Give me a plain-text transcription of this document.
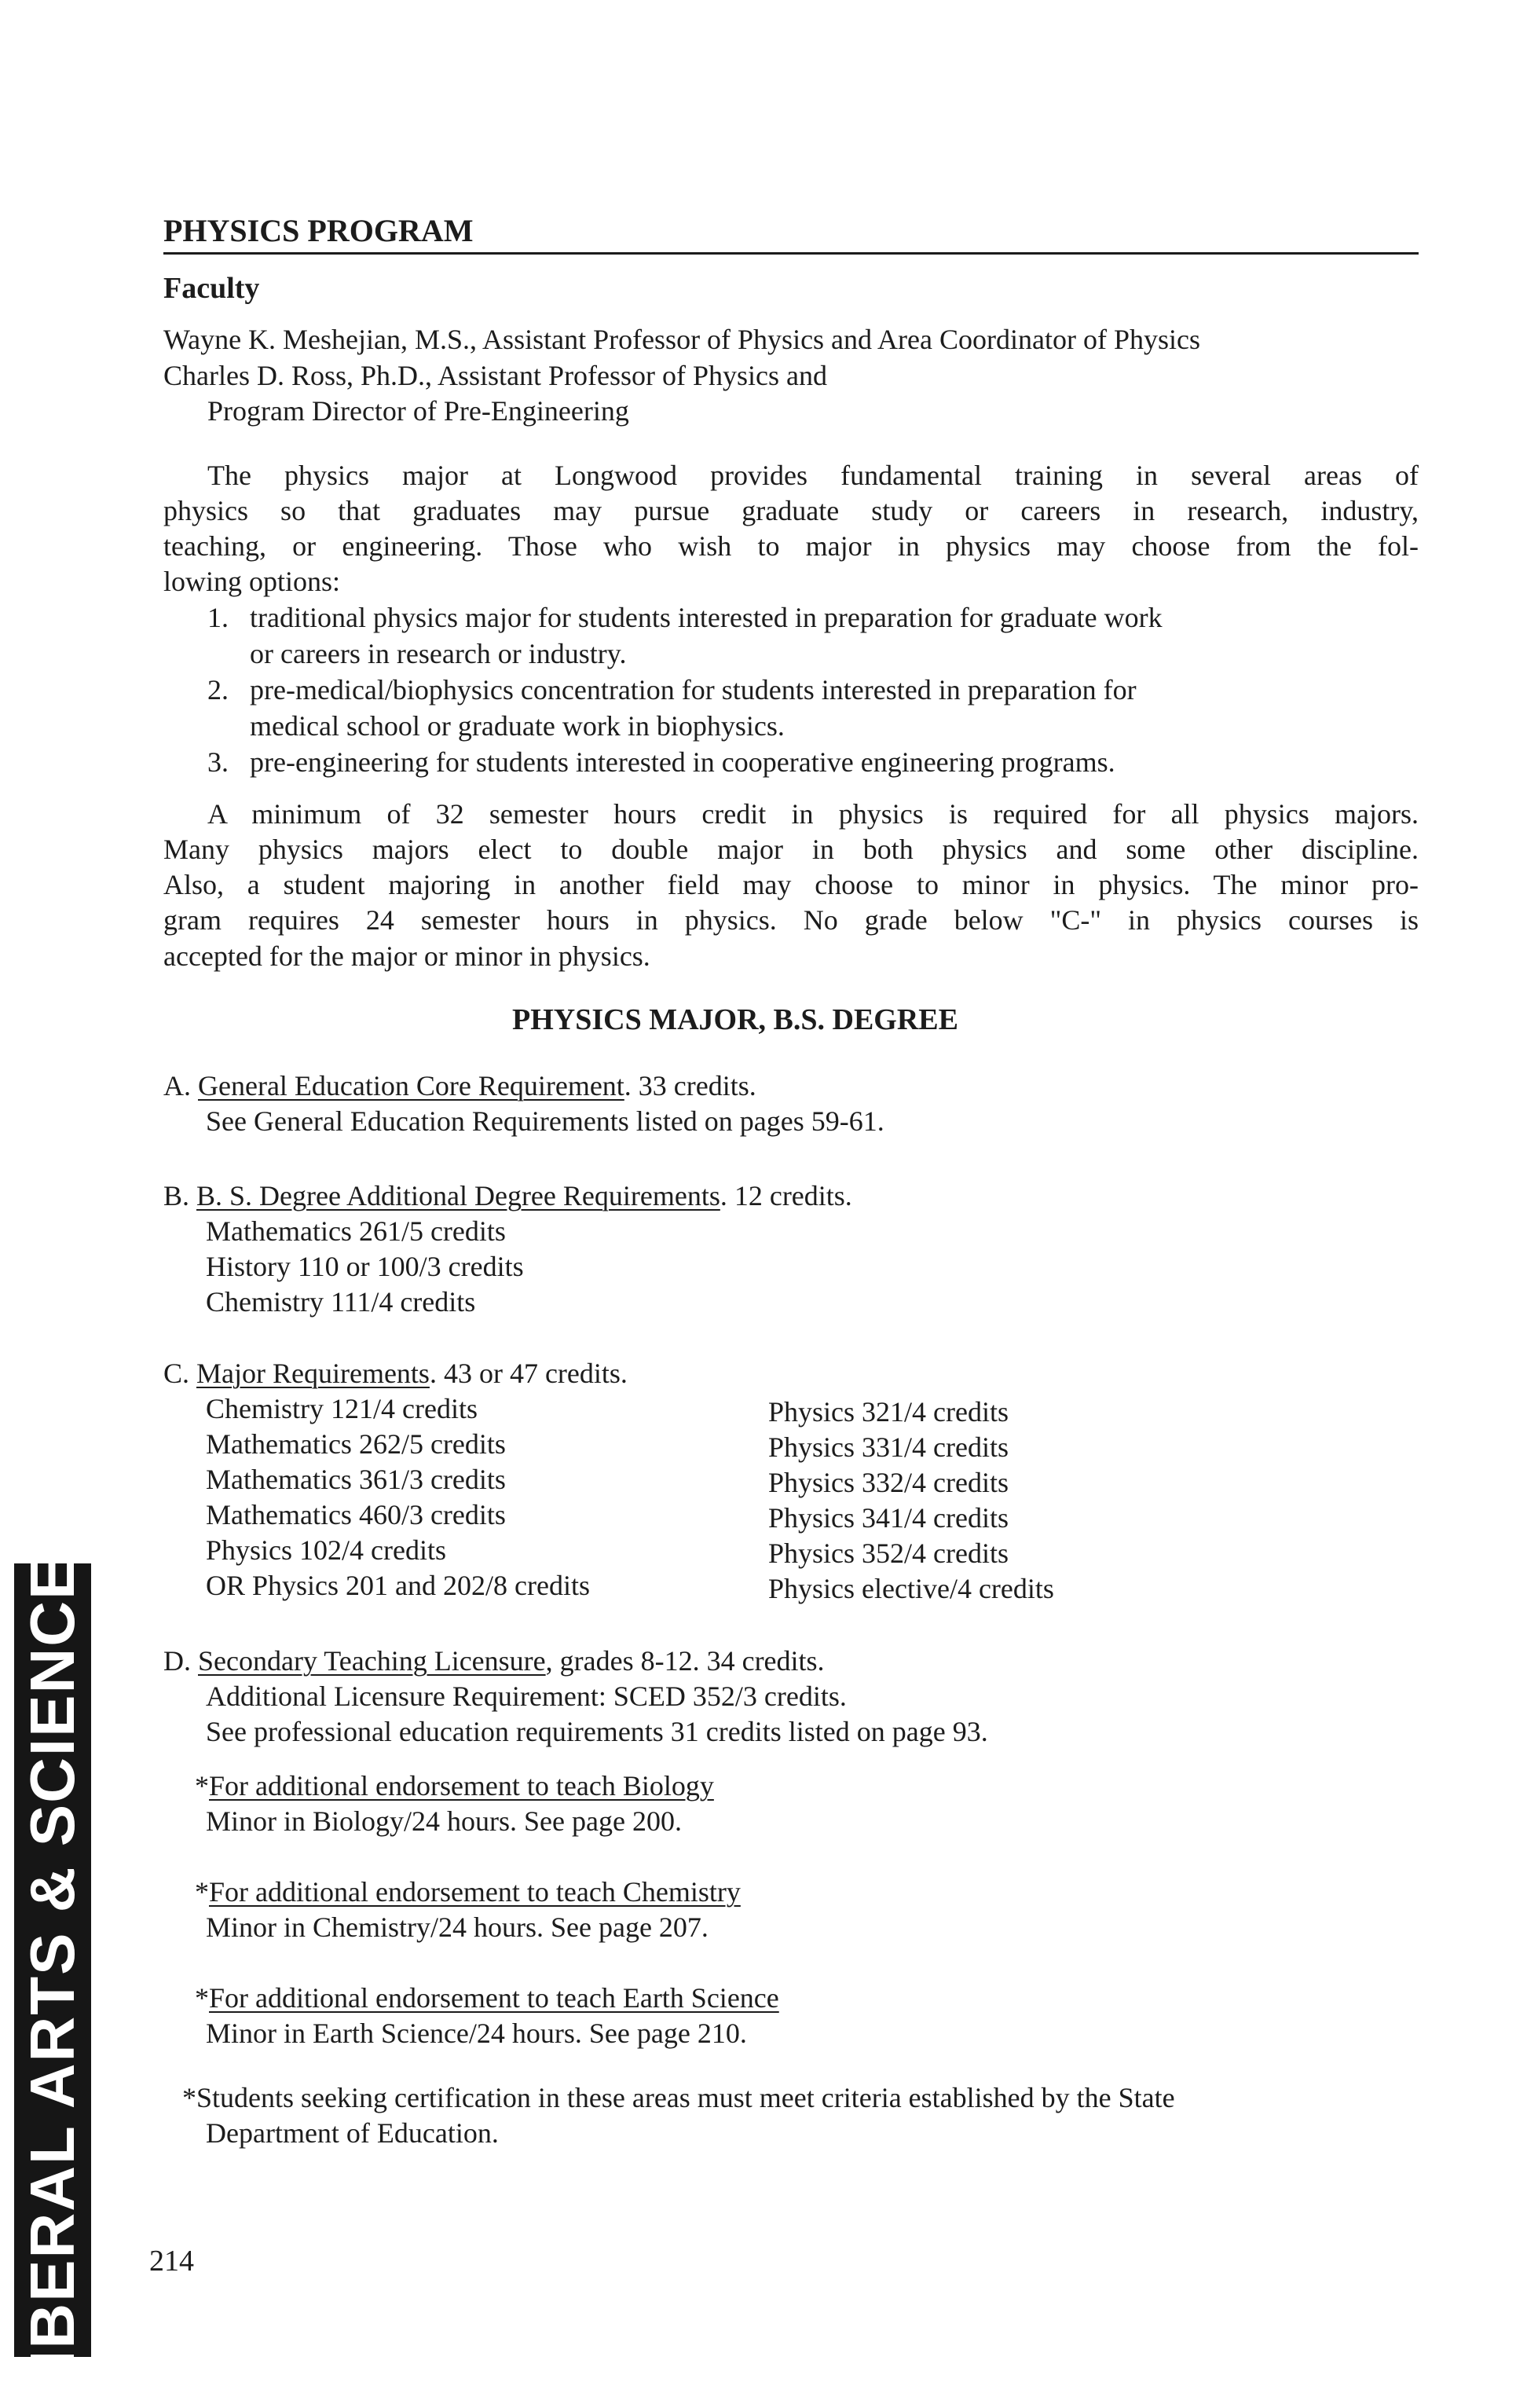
PHYSICS PROGRAM
Faculty
Wayne K. Meshejian, M.S., Assistant Professor of Physics and Area Coordinator of Physics
Charles D. Ross, Ph.D., Assistant Professor of Physics and
Program Director of Pre-Engineering
The physics major at Longwood provides fundamental training in several areas of
physics so that graduates may pursue graduate study or careers in research, industry,
teaching, or engineering. Those who wish to major in physics may choose from the fol-
lowing options:
1. traditional physics major for students interested in preparation for graduate work
or careers in research or industry.
2. pre-medical/biophysics concentration for students interested in preparation for
medical school or graduate work in biophysics.
3. pre-engineering for students interested in cooperative engineering programs.
A minimum of 32 semester hours credit in physics is required for all physics majors.
Many physics majors elect to double major in both physics and some other discipline.
Also, a student majoring in another field may choose to minor in physics. The minor pro-
gram requires 24 semester hours in physics. No grade below "C-" in physics courses is
accepted for the major or minor in physics.
PHYSICS MAJOR, B.S. DEGREE
A. General Education Core Requirement. 33 credits.
See General Education Requirements listed on pages 59-61.
B. B. S. Degree Additional Degree Requirements. 12 credits.
Mathematics 261/5 credits
History 110 or 100/3 credits
Chemistry 111/4 credits
C. Major Requirements. 43 or 47 credits.
Chemistry 121/4 credits
Mathematics 262/5 credits
Mathematics 361/3 credits
Mathematics 460/3 credits
Physics 102/4 credits
OR Physics 201 and 202/8 credits
Physics 321/4 credits
Physics 331/4 credits
Physics 332/4 credits
Physics 341/4 credits
Physics 352/4 credits
Physics elective/4 credits
D. Secondary Teaching Licensure, grades 8-12. 34 credits.
Additional Licensure Requirement: SCED 352/3 credits.
See professional education requirements 31 credits listed on page 93.
*For additional endorsement to teach Biology
Minor in Biology/24 hours. See page 200.
*For additional endorsement to teach Chemistry
Minor in Chemistry/24 hours. See page 207.
*For additional endorsement to teach Earth Science
Minor in Earth Science/24 hours. See page 210.
*Students seeking certification in these areas must meet criteria established by the State
Department of Education.
LIBERAL ARTS & SCIENCES 214
